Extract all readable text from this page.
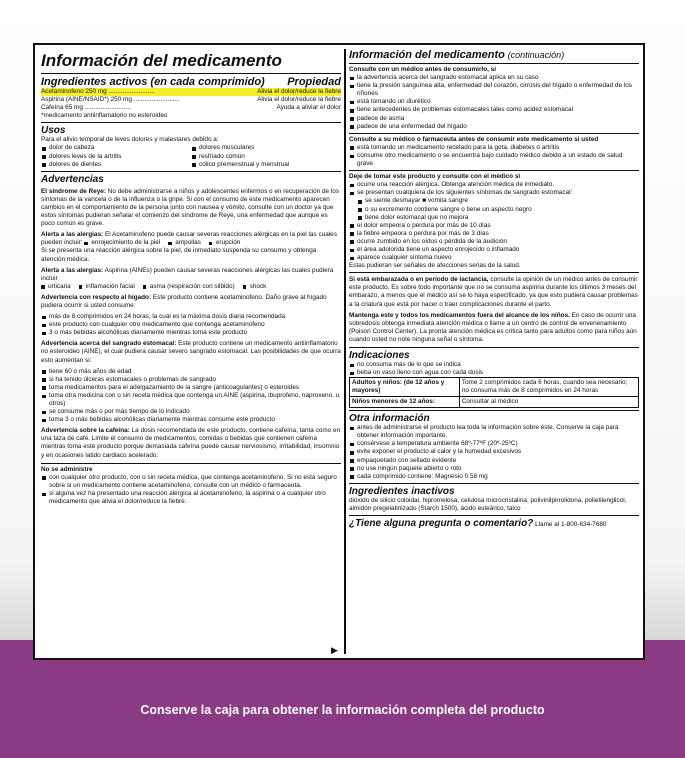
Conserve la caja para obtener la información completa del producto
Información del medicamento
Ingredientes activos (en cada comprimido) Propiedad
Acetaminofeno 250 mg ..........................	Alivia el dolor/reduce la fiebre
Aspirina (AINE/NSAID*) 250 mg ..........................	Alivia el dolor/reduce la fiebre
Cafeína 65 mg ..........................	Ayuda a aliviar el dolor
*medicamento antiinflamatorio no esteroideo
Usos
Para el alivio temporal de leves dolores y malestares debido a:
dolor de cabeza	dolores musculares
dolores leves de la artritis	resfriado común
dolores de dientes	cólico premenstrual y menstrual
Advertencias
El síndrome de Reye: No debe administrarse a niños y adolescentes enfermos o en recuperación de los síntomas de la varicela o de la influenza o la gripe. Si con el consumo de este medicamento aparecen cambios en el comportamiento de la persona junto con nausea y vómito, consulte con un doctor ya que estos síntomas pudieran señalar el comienzo del síndrome de Reye, una enfermedad que aunque es poco común es grave.
Alerta a las alergias: El Acetaminofeno puede causar severas reacciones alérgicas en la piel las cuales pueden incluir:	enrojecimiento de la piel	ampollas	erupción

Si se presenta una reacción alérgica sobre la piel, de inmediato suspenda su consumo y obtenga atención médica.
Alerta a las alergias: Aspirina (AINEs) pueden causar severas reacciones alérgicas las cuales pudiera incluir
urticaria	inflamación facial	asma (respiración con silbido)	shock
Advertencia con respecto al hígado: Este producto contiene acetaminofeno. Daño grave al hígado pudiera ocurrir si usted consume:
más de 8 comprimidos en 24 horas, la cual es la máxima dosis diaria recomendada
este producto con cualquier otro medicamento que contenga acetaminofeno
3 o más bebidas alcohólicas diariamente mientras toma este producto
Advertencia acerca del sangrado estomacal: Este producto contiene un medicamento antiinflamatorio no esteroideo (AINE), el cual pudiera causar severo sangrado estomacal. Las posibilidades de que ocurra esto aumentan si:
tiene 60 o más años de edad
si ha tenido úlceras estomacales o problemas de sangrado
toma medicamentos para el adelgazamiento de la sangre (anticoagulantes) o esteroides
toma otra medicina con o sin receta médica que contenga un AINE (aspirina, ibuprofeno, naproxeno, u otros)
se consume más o por más tiempo de lo indicado
toma 3 o más bebidas alcohólicas diariamente mientras consume este producto
Advertencia sobre la cafeína: La dosis recomendada de este producto, contiene cafeína, tanta como en una taza de café. Limite el consumo de medicamentos, comidas o bebidas que contienen cafeína mientras toma este producto porque demasiada cafeína puede causar nerviosismo, irritabilidad, insomnio y en ocasiones latido cardiaco acelerado.
No se administre
con cualquier otro producto, con o sin receta médica, que contenga acetaminofeno. Si no está seguro sobre si un medicamento contiene acetaminofeno, consulte con un médico o farmaceuta.
si alguna vez ha presentado una reacción alérgica al acetaminofeno, la aspirina o a cualquier otro medicamento que alivia el dolor/reduce la fiebre.
▶
Información del medicamento (continuación)
Consulte con un médico antes de consumirlo, si
la advertencia acerca del sangrado estomacal aplica en su caso
tiene la presión sanguínea alta, enfermedad del corazón, cirrosis del hígado o enfermedad de los riñones
está tomando un diurético
tiene antecedentes de problemas estomacales tales como acidez estomacal
padece de asma
padece de una enfermedad del hígado
Consulte a su médico o farmaceuta antes de consumir este medicamento si usted
está tomando un medicamento recetado para la gota, diabetes o artritis
consume otro medicamento o se encuentra bajo cuidado médico debido a un estado de salud grave
Deje de tomar este producto y consulte con el médico si
ocurre una reacción alérgica. Obtenga atención médica de inmediato.
se presentan cualquiera de los siguientes síntomas de sangrado estomacal:
se siente desmayar ■ vomita sangre
o su excremento contiene sangre o tiene un aspecto negro
tiene dolor estomacal que no mejora
el dolor empeora o perdura por más de 10 días
la fiebre empeora o perdura por más de 3 días
ocurre zumbido en los oídos o pérdida de la audición
el área adolorida tiene un aspecto enrojecido o inflamado
aparece cualquier síntoma nuevo
Estas pudieran ser señales de afecciones serias de la salud.
Si está embarazada o en período de lactancia, consulte la opinión de un médico antes de consumir este producto. Es sobre todo importante que no se consuma aspirina durante los últimos 3 meses del embarazo, a menos que el médico así se lo haya especificado, ya que esto pudiera causar problemas a la criatura que está por nacer o traer complicaciones durante el parto.
Mantenga este y todos los medicamentos fuera del alcance de los niños. En caso de ocurrir una sobredosis obtenga inmediata atención médica o llame a un centro de control de envenenamiento (Poison Control Center). La pronta atención médica es crítica tanto para adultos como para niños aún cuando usted no note ninguna señal o síntoma.
Indicaciones
no consuma más de lo que se indica
beba un vaso lleno con agua con cada dosis
Adultos y niños: (de 12 años y mayores)	Tome 2 comprimidos cada 6 horas, cuando sea necesario; no consuma más de 8 comprimidos en 24 horas
Niños menores de 12 años:	Consultar al médico
Otra información
antes de administrarse el producto lea toda la información sobre éste. Conserve la caja para obtener información importante.
consérvese a temperatura ambiente 68º-77ºF (20º-25ºC)
evite exponer el producto al calor y la humedad excesivos
empaquetado con sellado evidente
no use ningún paquete abierto o roto
cada comprimido contiene: Magnesio 0.58 mg
Ingredientes inactivos
dióxido de silicio coloidal, hipromelosa, celulosa microcristalina, polivinilpirrolidona, polietilenglicol, almidón pregelatinizado (Starch 1500), ácido esteárico, talco
¿Tiene alguna pregunta o comentario? Llame al 1-800-634-7680
